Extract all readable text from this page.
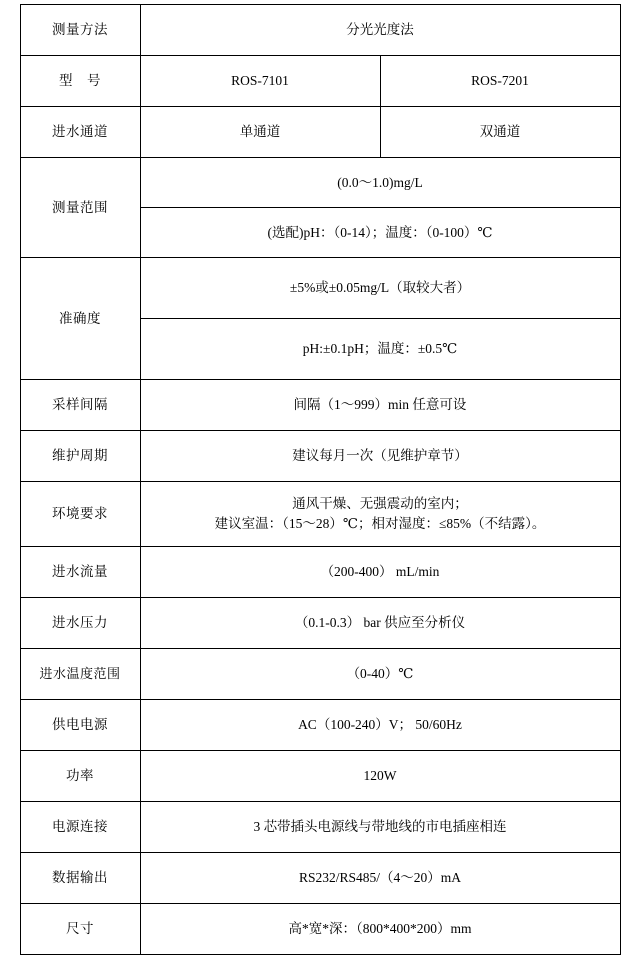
测量方法	分光光度法	
型　号	ROS-7101	ROS-7201
进水通道	单通道	双通道
测量范围	(0.0～1.0)mg/L	
	(选配)pH：（0-14）；温度：（0-100）℃	
准确度	±5%或±0.05mg/L（取较大者）	
	pH:±0.1pH；温度：±0.5℃	
采样间隔	间隔（1～999）min 任意可设	
维护周期	建议每月一次（见维护章节）	
环境要求	通风干燥、无强震动的室内；
建议室温：（15～28）℃；相对湿度：≤85%（不结露）。	

进水流量	（200-400） mL/min	
进水压力	（0.1-0.3） bar 供应至分析仪	
进水温度范围	（0-40）℃	
供电电源	AC（100-240）V； 50/60Hz	
功率	120W	
电源连接	3 芯带插头电源线与带地线的市电插座相连	
数据输出	RS232/RS485/（4～20）mA	
尺寸	高*宽*深：（800*400*200）mm	
